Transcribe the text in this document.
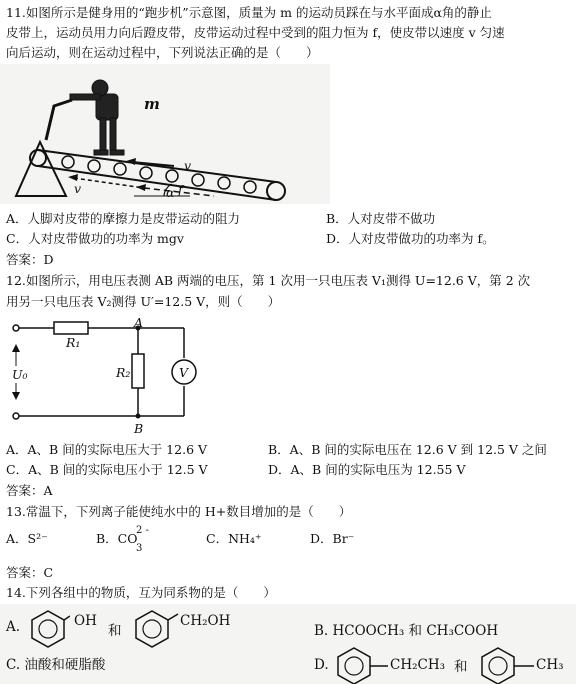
11.如图所示是健身用的“跑步机”示意图，质量为 m 的运动员踩在与水平面成α角的静止
皮带上，运动员用力向后蹬皮带，皮带运动过程中受到的阻力恒为 f，使皮带以速度 v 匀速
向后运动，则在运动过程中，下列说法正确的是（　　）
m
v
v	α f
A．人脚对皮带的摩擦力是皮带运动的阻力	B．人对皮带不做功
C．人对皮带做功的功率为 mgv	D．人对皮带做功的功率为 f。
答案：D
12.如图所示，用电压表测 AB 两端的电压，第 1 次用一只电压表 V₁测得 U=12.6 V，第 2 次
用另一只电压表 V₂测得 U′=12.5 V，则（　　）
R₁
R₂
A
B
U₀	V
A．A、B 间的实际电压大于 12.6 V	B．A、B 间的实际电压在 12.6 V 到 12.5 V 之间
C．A、B 间的实际电压小于 12.5 V	D．A、B 间的实际电压为 12.55 V
答案：A
13.常温下，下列离子能使纯水中的 H+数目增加的是（　　）
A．S²⁻	B．CO
2 -
3
C．NH₄⁺	D．Br⁻
答案：C
14.下列各组中的物质，互为同系物的是（　　）
A.	OH
和
CH₂OH
B. HCOOCH₃ 和 CH₃COOH
C. 油酸和硬脂酸	D.	CH₂CH₃ 和	CH₃
